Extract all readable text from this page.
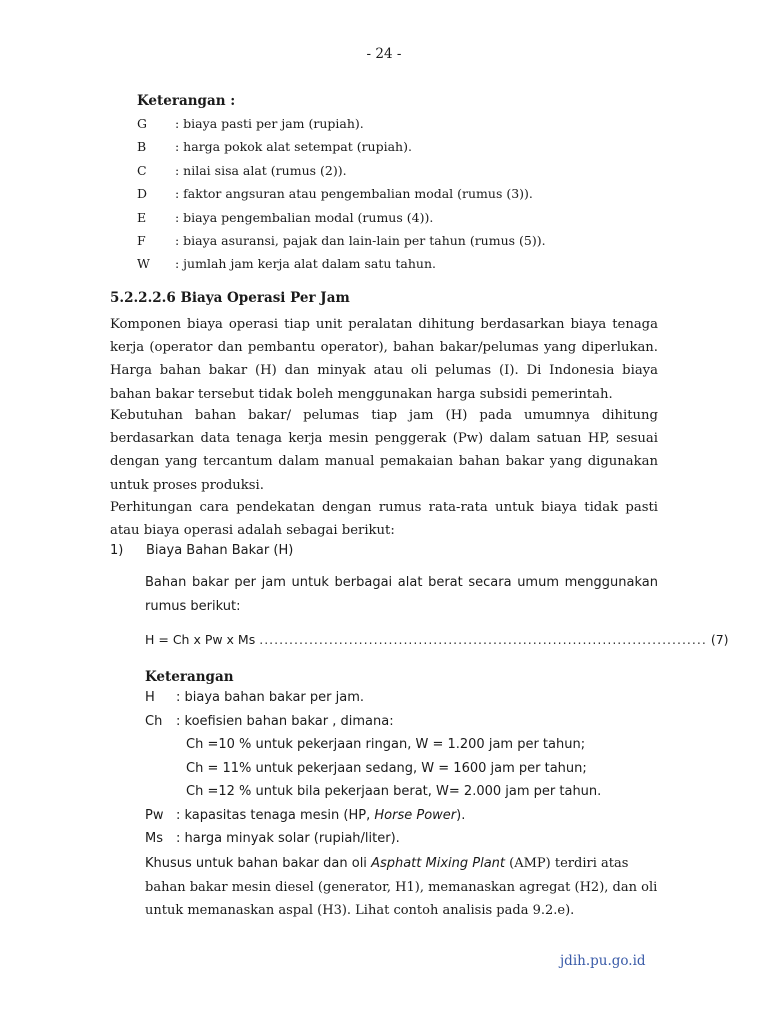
- 24 -
Keterangan :
G : biaya pasti per jam (rupiah).
B : harga pokok alat setempat (rupiah).
C : nilai sisa alat (rumus (2)).
D : faktor angsuran atau pengembalian modal (rumus (3)).
E : biaya pengembalian modal (rumus (4)).
F : biaya asuransi, pajak dan lain-lain per tahun (rumus (5)).
W : jumlah jam kerja alat dalam satu tahun.
5.2.2.2.6 Biaya Operasi Per Jam
Komponen biaya operasi tiap unit peralatan dihitung berdasarkan biaya tenaga kerja (operator dan pembantu operator), bahan bakar/pelumas yang diperlukan. Harga bahan bakar (H) dan minyak atau oli pelumas (I). Di Indonesia biaya bahan bakar tersebut tidak boleh menggunakan harga subsidi pemerintah.
Kebutuhan bahan bakar/ pelumas tiap jam (H) pada umumnya dihitung berdasarkan data tenaga kerja mesin penggerak (Pw) dalam satuan HP, sesuai dengan yang tercantum dalam manual pemakaian bahan bakar yang digunakan untuk proses produksi.
Perhitungan cara pendekatan dengan rumus rata-rata untuk biaya tidak pasti atau biaya operasi adalah sebagai berikut:
1) Biaya Bahan Bakar (H)
Bahan bakar per jam untuk berbagai alat berat secara umum menggunakan rumus berikut:
H = Ch x Pw x Ms .......................................................................................... (7)
Keterangan
H : biaya bahan bakar per jam.
Ch : koefisien bahan bakar , dimana:
Ch =10 % untuk pekerjaan ringan, W = 1.200 jam per tahun;
Ch = 11% untuk pekerjaan sedang, W = 1600 jam per tahun;
Ch =12 % untuk bila pekerjaan berat, W= 2.000 jam per tahun.
Pw : kapasitas tenaga mesin (HP, Horse Power).
Ms : harga minyak solar (rupiah/liter).
Khusus untuk bahan bakar dan oli Asphatt Mixing Plant (AMP) terdiri atas bahan bakar mesin diesel (generator, H1), memanaskan agregat (H2), dan oli untuk memanaskan aspal (H3). Lihat contoh analisis pada 9.2.e).
jdih.pu.go.id
